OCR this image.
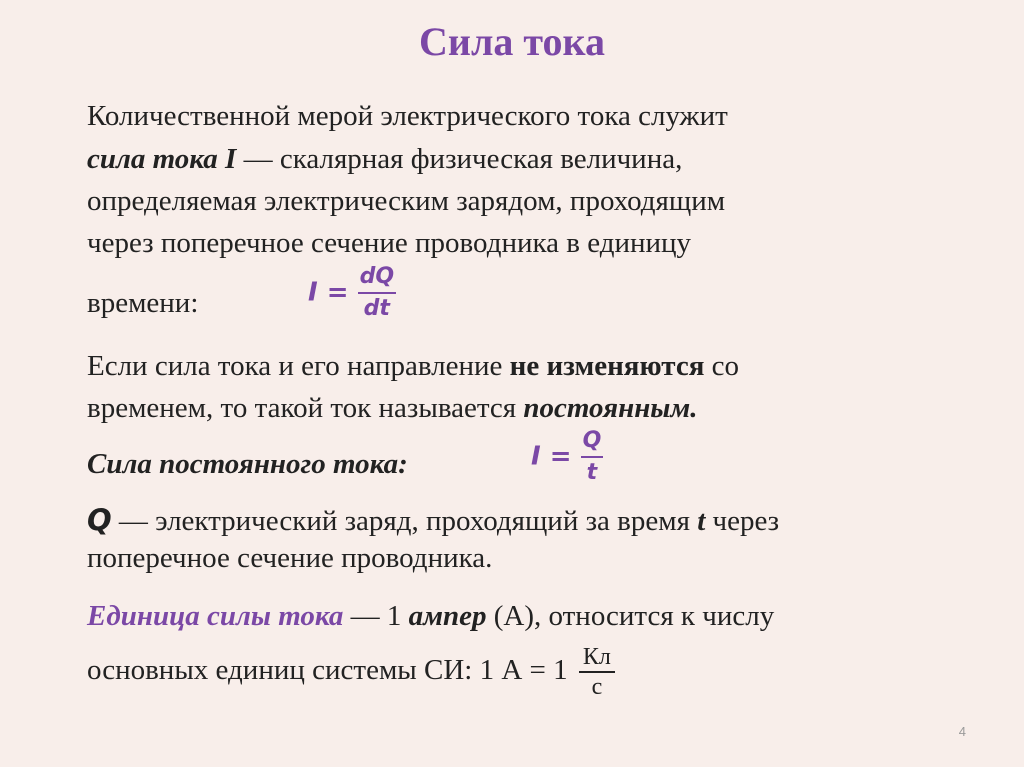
Сила тока
Количественной мерой электрического тока служит
сила тока I — скалярная физическая величина,
определяемая электрическим зарядом, проходящим
через поперечное сечение проводника в единицу
времени:	$I = \frac{dQ}{dt}$
Если сила тока и его направление не изменяются со
временем, то такой ток называется постоянным.
Сила постоянного тока:	$I = \frac{Q}{t}$
Q — электрический заряд, проходящий за время t через
поперечное сечение проводника.
Единица силы тока — 1 ампер (А), относится к числу
основных единиц системы СИ: 1 $А = 1 \frac{Кл}{с}$
4
